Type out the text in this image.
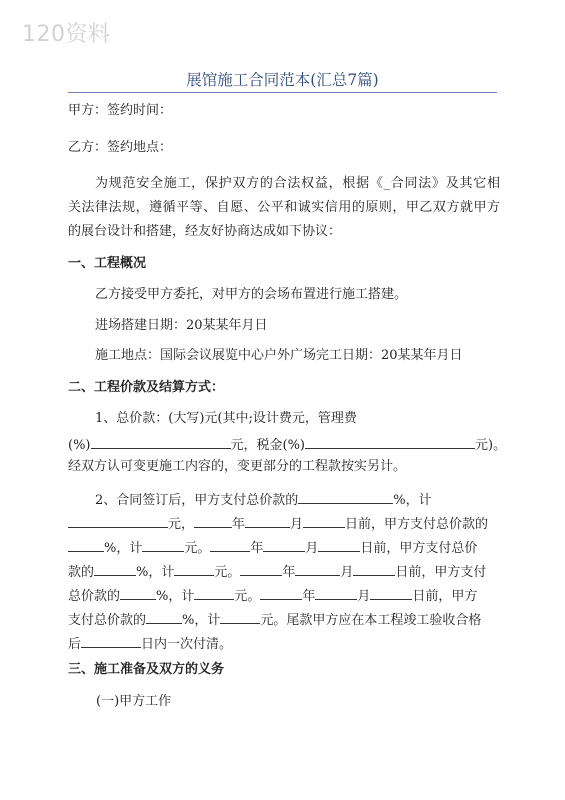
120资料
展馆施工合同范本(汇总7篇)
甲方：签约时间：
乙方：签约地点：
为规范安全施工，保护双方的合法权益，根据《_合同法》及其它相
关法律法规，遵循平等、自愿、公平和诚实信用的原则，甲乙双方就甲方
的展台设计和搭建，经友好协商达成如下协议：
一、工程概况
乙方接受甲方委托，对甲方的会场布置进行施工搭建。
进场搭建日期：20某某年月日
施工地点：国际会议展览中心户外广场完工日期：20某某年月日
二、工程价款及结算方式：
1、总价款：(大写)元(其中;设计费元，管理费
(%)	元，税金(%)	元)。
经双方认可变更施工内容的，变更部分的工程款按实另计。
2、合同签订后，甲方支付总价款的	%，计
元，	年	月	日前，甲方支付总价款的
%，计	元。	年	月	日前，甲方支付总价
款的	%，计	元。	年	月	日前，甲方支付
总价款的	%，计	元。	年	月	日前，甲方
支付总价款的	%，计	元。尾款甲方应在本工程竣工验收合格
后	日内一次付清。
三、施工准备及双方的义务
(一)甲方工作
